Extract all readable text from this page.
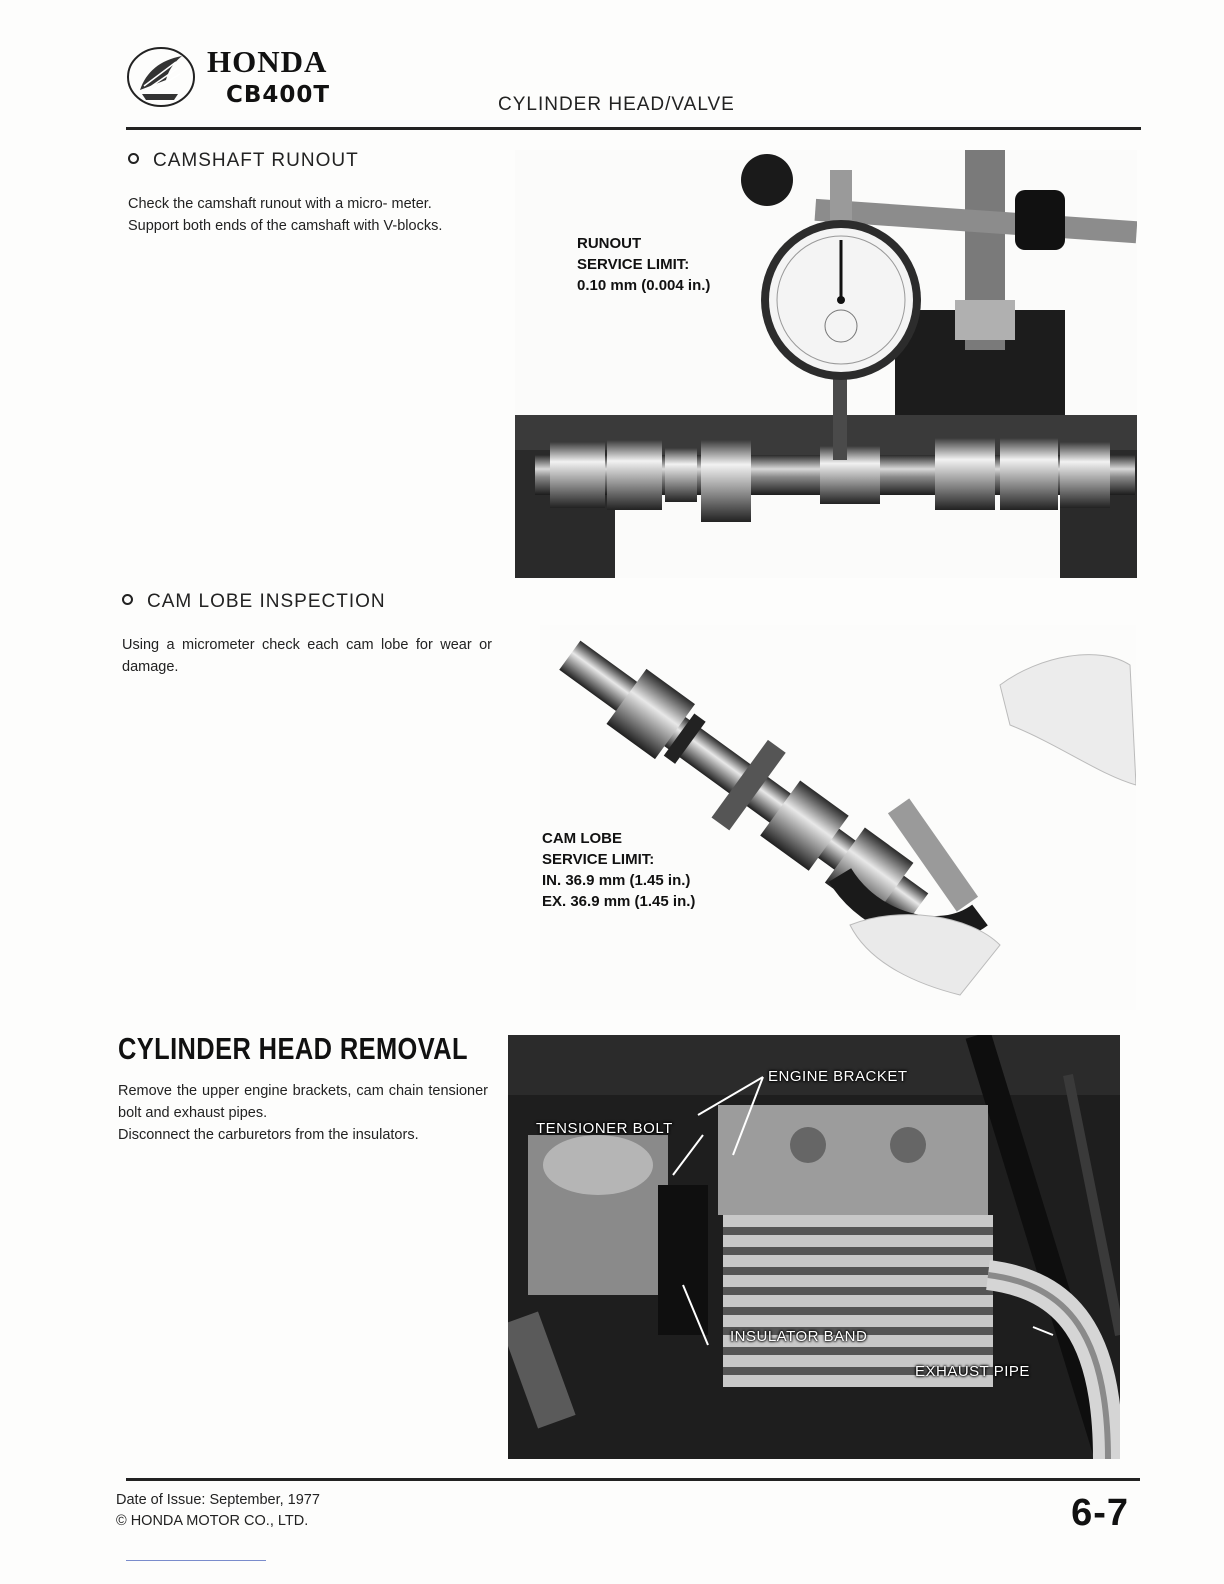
HONDA
CB400T	CYLINDER HEAD/VALVE
CAMSHAFT RUNOUT

Check the camshaft runout with a micro- meter.

Support both ends of the camshaft with V-blocks.

RUNOUT
SERVICE LIMIT:
0.10 mm (0.004 in.)
CAM LOBE INSPECTION
Using a micrometer check each cam lobe for wear or damage.
CAM LOBE
SERVICE LIMIT:
IN. 36.9 mm (1.45 in.)
EX. 36.9 mm (1.45 in.)
CYLINDER HEAD REMOVAL

Remove the upper engine brackets, cam chain tensioner bolt and exhaust pipes.

Disconnect the carburetors from the insulators.

ENGINE BRACKET
TENSIONER BOLT
INSULATOR BAND
EXHAUST PIPE
Date of Issue: September, 1977
© HONDA MOTOR CO., LTD.	6-7
